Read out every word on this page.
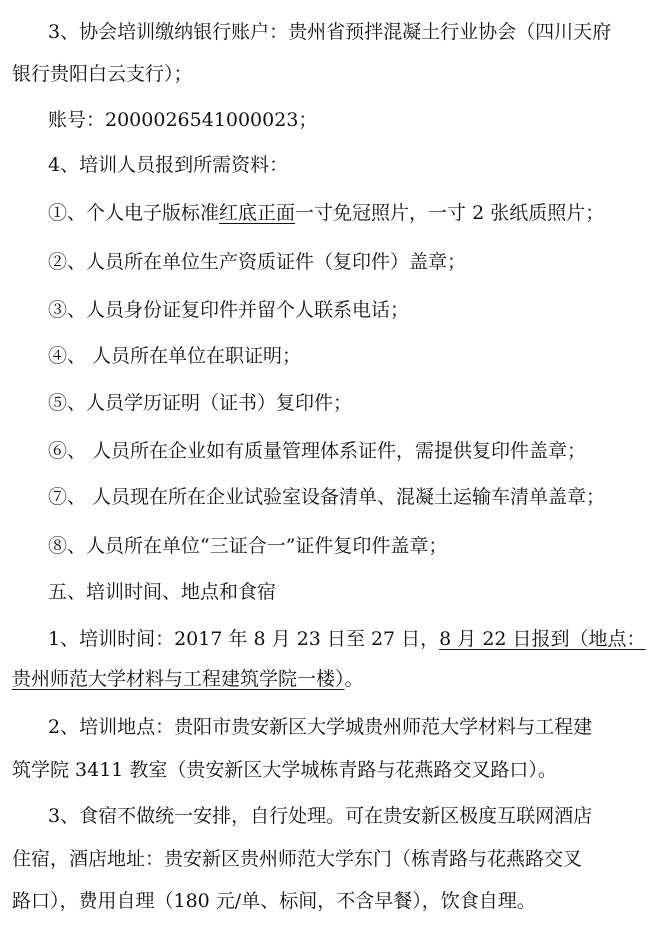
3、协会培训缴纳银行账户：贵州省预拌混凝土行业协会（四川天府
银行贵阳白云支行）；
账号：2000026541000023；
4、培训人员报到所需资料：
①、个人电子版标准红底正面一寸免冠照片，一寸 2 张纸质照片；
②、人员所在单位生产资质证件（复印件）盖章；
③、人员身份证复印件并留个人联系电话；
④、 人员所在单位在职证明；
⑤、人员学历证明（证书）复印件；
⑥、 人员所在企业如有质量管理体系证件，需提供复印件盖章；
⑦、 人员现在所在企业试验室设备清单、混凝土运输车清单盖章；
⑧、人员所在单位“三证合一”证件复印件盖章；
五、培训时间、地点和食宿
1、培训时间：2017 年 8 月 23 日至 27 日，8 月 22 日报到（地点：
贵州师范大学材料与工程建筑学院一楼）。
2、培训地点：贵阳市贵安新区大学城贵州师范大学材料与工程建
筑学院 3411 教室（贵安新区大学城栋青路与花燕路交叉路口）。
3、食宿不做统一安排，自行处理。可在贵安新区极度互联网酒店
住宿，酒店地址：贵安新区贵州师范大学东门（栋青路与花燕路交叉
路口），费用自理（180 元/单、标间，不含早餐），饮食自理。
